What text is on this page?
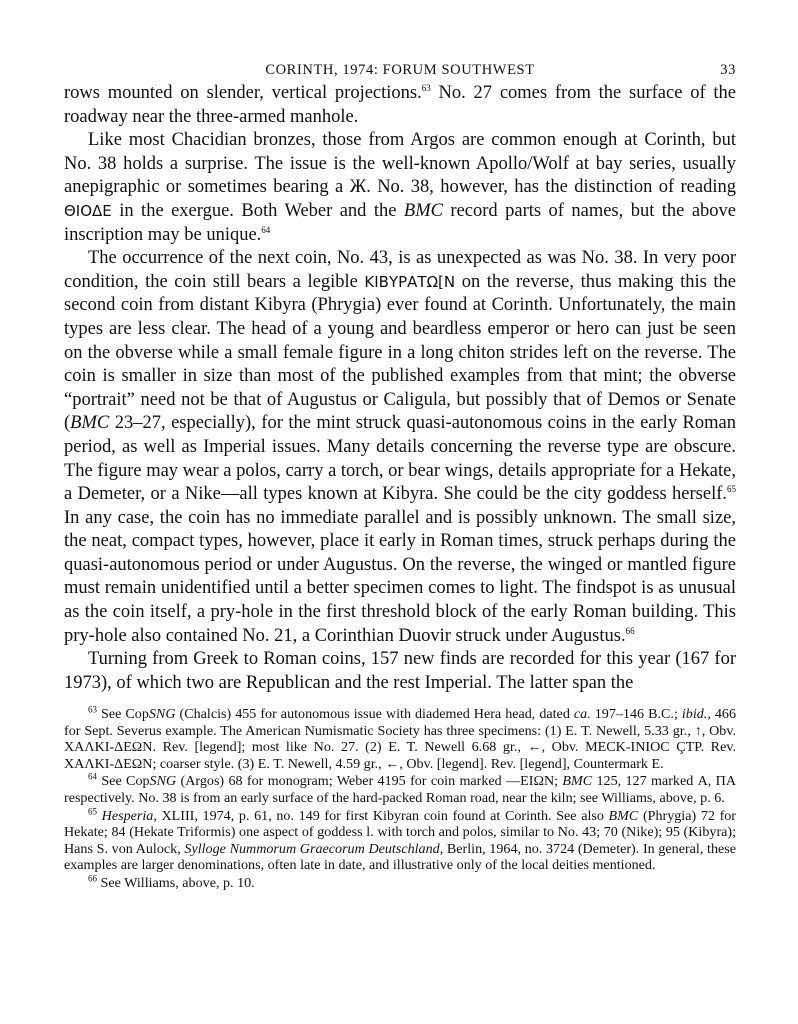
CORINTH, 1974: FORUM SOUTHWEST	33

rows mounted on slender, vertical projections.$^{63}$ No. 27 comes from the surface of the roadway near the three-armed manhole.

Like most Chacidian bronzes, those from Argos are common enough at Corinth, but No. 38 holds a surprise. The issue is the well-known Apollo/Wolf at bay series, usually anepigraphic or sometimes bearing a Ж. No. 38, however, has the distinction of reading ΘΙΟΔΕ in the exergue. Both Weber and the BMC record parts of names, but the above inscription may be unique.$^{64}$

The occurrence of the next coin, No. 43, is as unexpected as was No. 38. In very poor condition, the coin still bears a legible ΚΙΒΥΡΑΤΩ[Ν on the reverse, thus making this the second coin from distant Kibyra (Phrygia) ever found at Corinth. Unfortunately, the main types are less clear. The head of a young and beardless emperor or hero can just be seen on the obverse while a small female figure in a long chiton strides left on the reverse. The coin is smaller in size than most of the published examples from that mint; the obverse “portrait” need not be that of Augustus or Caligula, but possibly that of Demos or Senate (BMC 23–27, especially), for the mint struck quasi-autonomous coins in the early Roman period, as well as Imperial issues. Many details concerning the reverse type are obscure. The figure may wear a polos, carry a torch, or bear wings, details appropriate for a Hekate, a Demeter, or a Nike—all types known at Kibyra. She could be the city goddess herself.$^{65}$ In any case, the coin has no immediate parallel and is possibly unknown. The small size, the neat, compact types, however, place it early in Roman times, struck perhaps during the quasi-autonomous period or under Augustus. On the reverse, the winged or mantled figure must remain unidentified until a better specimen comes to light. The findspot is as unusual as the coin itself, a pry-hole in the first threshold block of the early Roman building. This pry-hole also contained No. 21, a Corinthian Duovir struck under Augustus.$^{66}$

Turning from Greek to Roman coins, 157 new finds are recorded for this year (167 for 1973), of which two are Republican and the rest Imperial. The latter span the

$^{63}$ See CopSNG (Chalcis) 455 for autonomous issue with diademed Hera head, dated ca. 197–146 B.C.; ibid., 466 for Sept. Severus example. The American Numismatic Society has three specimens: (1) E. T. Newell, 5.33 gr., ↑, Obv. ΧΑΛΚΙ-ΔΕΩΝ. Rev. [legend]; most like No. 27. (2) E. T. Newell 6.68 gr., ←, Obv. MECK-INIOC ÇTP. Rev. ΧΑΛΚΙ-ΔΕΩΝ; coarser style. (3) E. T. Newell, 4.59 gr., ←, Obv. [legend]. Rev. [legend], Countermark E.

$^{64}$ See CopSNG (Argos) 68 for monogram; Weber 4195 for coin marked ––ΕΙΩΝ; BMC 125, 127 marked Α, ΠΑ respectively. No. 38 is from an early surface of the hard-packed Roman road, near the kiln; see Williams, above, p. 6.

$^{65}$ Hesperia, XLIII, 1974, p. 61, no. 149 for first Kibyran coin found at Corinth. See also BMC (Phrygia) 72 for Hekate; 84 (Hekate Triformis) one aspect of goddess l. with torch and polos, similar to No. 43; 70 (Nike); 95 (Kibyra); Hans S. von Aulock, Sylloge Nummorum Graecorum Deutschland, Berlin, 1964, no. 3724 (Demeter). In general, these examples are larger denominations, often late in date, and illustrative only of the local deities mentioned.

$^{66}$ See Williams, above, p. 10.
